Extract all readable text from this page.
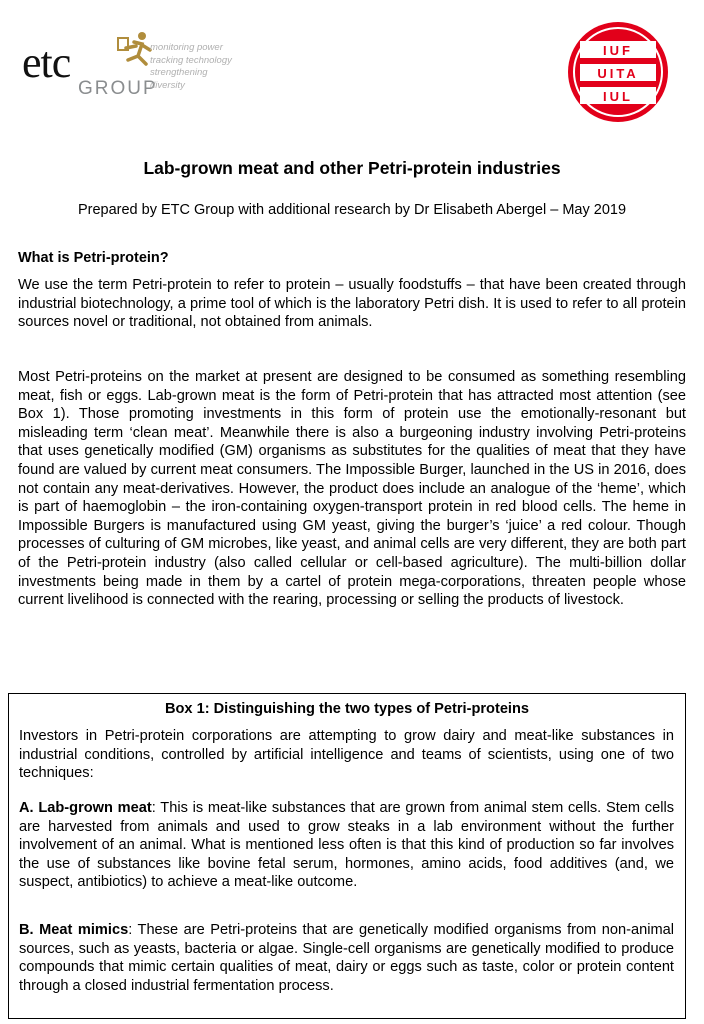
etc
GROUP
monitoring power
tracking technology
strengthening diversity
IUF
UITA
IUL
Lab-grown meat and other Petri-protein industries
Prepared by ETC Group with additional research by Dr Elisabeth Abergel – May 2019
What is Petri-protein?

We use the term Petri-protein to refer to protein – usually foodstuffs – that have been created through industrial biotechnology, a prime tool of which is the laboratory Petri dish. It is used to refer to all protein sources novel or traditional, not obtained from animals.

Most Petri-proteins on the market at present are designed to be consumed as something resembling meat, fish or eggs. Lab-grown meat is the form of Petri-protein that has attracted most attention (see Box 1). Those promoting investments in this form of protein use the emotionally-resonant but misleading term ‘clean meat’. Meanwhile there is also a burgeoning industry involving Petri-proteins that uses genetically modified (GM) organisms as substitutes for the qualities of meat that they have found are valued by current meat consumers. The Impossible Burger, launched in the US in 2016, does not contain any meat-derivatives. However, the product does include an analogue of the ‘heme’, which is part of haemoglobin – the iron-containing oxygen-transport protein in red blood cells. The heme in Impossible Burgers is manufactured using GM yeast, giving the burger’s ‘juice’ a red colour. Though processes of culturing of GM microbes, like yeast, and animal cells are very different, they are both part of the Petri-protein industry (also called cellular or cell-based agriculture). The multi-billion dollar investments being made in them by a cartel of protein mega-corporations, threaten people whose current livelihood is connected with the rearing, processing or selling the products of livestock.

Box 1: Distinguishing the two types of Petri-proteins

Investors in Petri-protein corporations are attempting to grow dairy and meat-like substances in industrial conditions, controlled by artificial intelligence and teams of scientists, using one of two techniques:

A. Lab-grown meat: This is meat-like substances that are grown from animal stem cells. Stem cells are harvested from animals and used to grow steaks in a lab environment without the further involvement of an animal. What is mentioned less often is that this kind of production so far involves the use of substances like bovine fetal serum, hormones, amino acids, food additives (and, we suspect, antibiotics) to achieve a meat-like outcome.

B. Meat mimics: These are Petri-proteins that are genetically modified organisms from non-animal sources, such as yeasts, bacteria or algae. Single-cell organisms are genetically modified to produce compounds that mimic certain qualities of meat, dairy or eggs such as taste, color or protein content through a closed industrial fermentation process.
